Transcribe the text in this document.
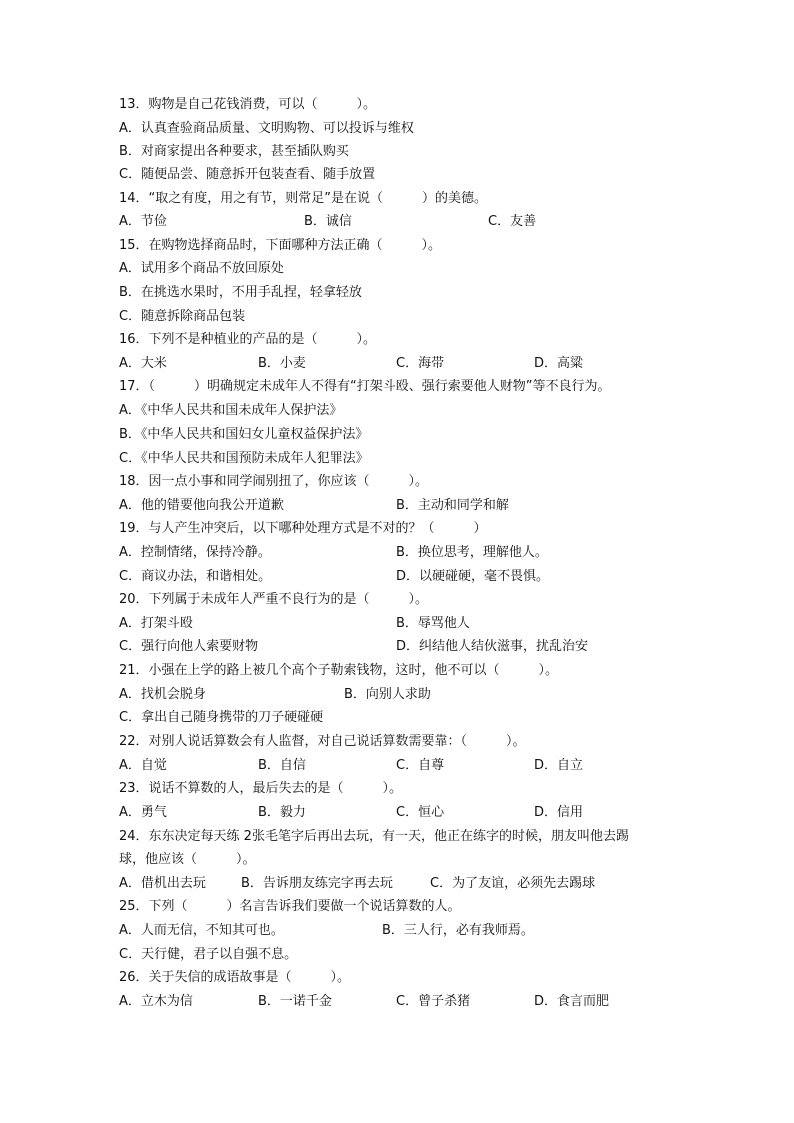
13．购物是自己花钱消费，可以（　　　）。
A．认真查验商品质量、文明购物、可以投诉与维权
B．对商家提出各种要求，甚至插队购买
C．随便品尝、随意拆开包装查看、随手放置
14．“取之有度，用之有节，则常足”是在说（　　　）的美德。
A．节俭	B．诚信	C．友善
15．在购物选择商品时，下面哪种方法正确（　　　）。
A．试用多个商品不放回原处
B．在挑选水果时，不用手乱捏，轻拿轻放
C．随意拆除商品包装
16．下列不是种植业的产品的是（　　　）。
A．大米	B．小麦	C．海带	D．高粱
17．（　　　）明确规定未成年人不得有“打架斗殴、强行索要他人财物”等不良行为。
A．《中华人民共和国未成年人保护法》
B．《中华人民共和国妇女儿童权益保护法》
C．《中华人民共和国预防未成年人犯罪法》
18．因一点小事和同学闹别扭了，你应该（　　　）。
A．他的错要他向我公开道歉	B．主动和同学和解
19．与人产生冲突后，以下哪种处理方式是不对的？（　　　）
A．控制情绪，保持冷静。	B．换位思考，理解他人。
C．商议办法，和谐相处。	D．以硬碰硬，毫不畏惧。
20．下列属于未成年人严重不良行为的是（　　　）。
A．打架斗殴	B．辱骂他人
C．强行向他人索要财物	D．纠结他人结伙滋事，扰乱治安
21．小强在上学的路上被几个高个子勒索钱物，这时，他不可以（　　　）。
A．找机会脱身	B．向别人求助
C．拿出自己随身携带的刀子硬碰硬
22．对别人说话算数会有人监督，对自己说话算数需要靠：（　　　）。
A．自觉	B．自信	C．自尊	D．自立
23．说话不算数的人，最后失去的是（　　　）。
A．勇气	B．毅力	C．恒心	D．信用
24．东东决定每天练 2张毛笔字后再出去玩，有一天，他正在练字的时候，朋友叫他去踢
球，他应该（　　　）。
A．借机出去玩	B．告诉朋友练完字再去玩	C．为了友谊，必须先去踢球
25．下列（　　　）名言告诉我们要做一个说话算数的人。
A．人而无信，不知其可也。	B．三人行，必有我师焉。
C．天行健，君子以自强不息。
26．关于失信的成语故事是（　　　）。
A．立木为信	B．一诺千金	C．曾子杀猪	D．食言而肥
